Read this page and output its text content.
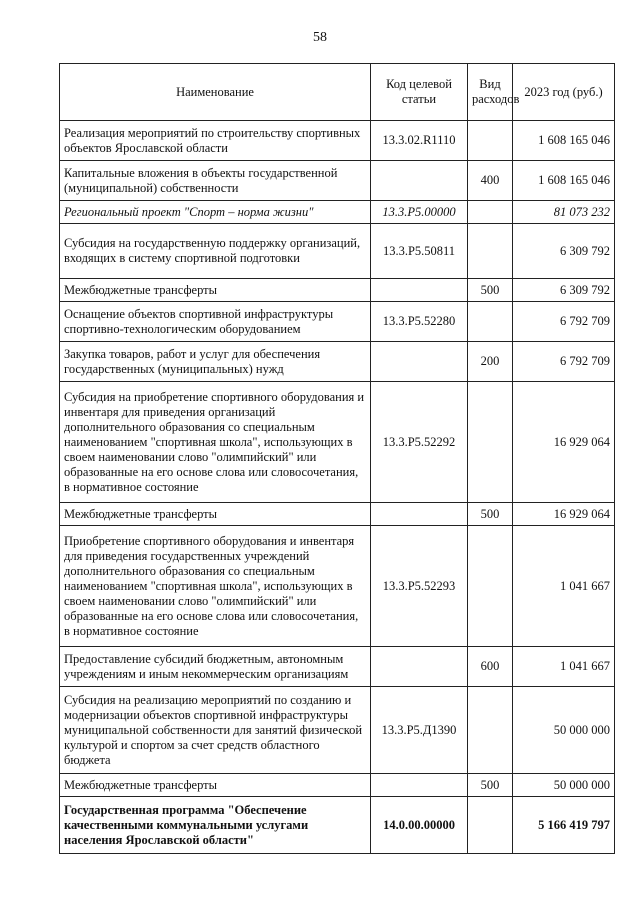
58
Наименование	Код целевой статьи	Вид расходов	2023 год (руб.)
Реализация мероприятий по строительству спортивных объектов Ярославской области	13.3.02.R1110		1 608 165 046
Капитальные вложения в объекты государственной (муниципальной) собственности		400	1 608 165 046
Региональный проект "Спорт – норма жизни"	13.3.P5.00000		81 073 232
Субсидия на государственную поддержку организаций, входящих в систему спортивной подготовки	13.3.P5.50811		6 309 792
Межбюджетные трансферты		500	6 309 792
Оснащение объектов спортивной инфраструктуры спортивно-технологическим оборудованием	13.3.P5.52280		6 792 709
Закупка товаров, работ и услуг для обеспечения государственных (муниципальных) нужд		200	6 792 709
Субсидия на приобретение спортивного оборудования и инвентаря для приведения организаций дополнительного образования со специальным наименованием "спортивная школа", использующих в своем наименовании слово "олимпийский" или образованные на его основе слова или словосочетания, в нормативное состояние	13.3.P5.52292		16 929 064
Межбюджетные трансферты		500	16 929 064
Приобретение спортивного оборудования и инвентаря для приведения государственных учреждений дополнительного образования со специальным наименованием "спортивная школа", использующих в своем наименовании слово "олимпийский" или образованные на его основе слова или словосочетания, в нормативное состояние	13.3.P5.52293		1 041 667
Предоставление субсидий бюджетным, автономным учреждениям и иным некоммерческим организациям		600	1 041 667
Субсидия на реализацию мероприятий по созданию и модернизации объектов спортивной инфраструктуры муниципальной собственности для занятий физической культурой и спортом за счет средств областного бюджета	13.3.P5.Д1390		50 000 000
Межбюджетные трансферты		500	50 000 000
Государственная программа "Обеспечение качественными коммунальными услугами населения Ярославской области"	14.0.00.00000		5 166 419 797
